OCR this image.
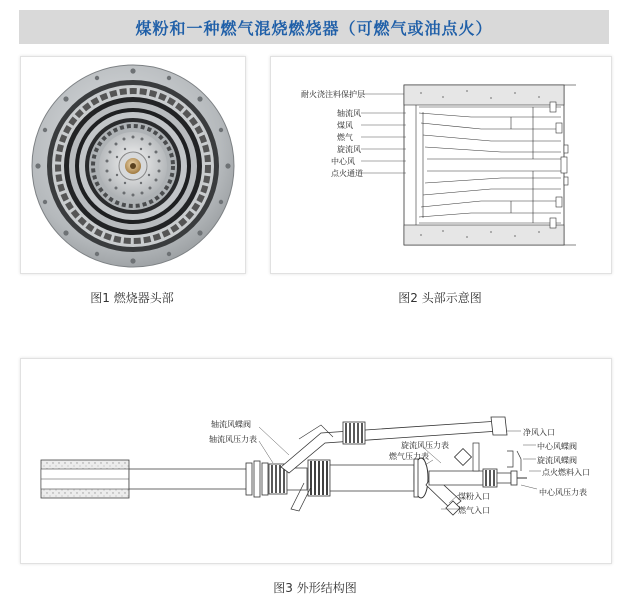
煤粉和一种燃气混烧燃烧器（可燃气或油点火）
图1 燃烧器头部
耐火浇注料保护层
轴流风
煤风
燃气
旋流风
中心风
点火通道
图2 头部示意图
轴流风蝶阀
轴流风压力表
旋流风压力表
燃气压力表
煤粉入口
燃气入口
净风入口
中心风蝶阀
旋流风蝶阀
点火燃料入口
中心风压力表
图3 外形结构图
